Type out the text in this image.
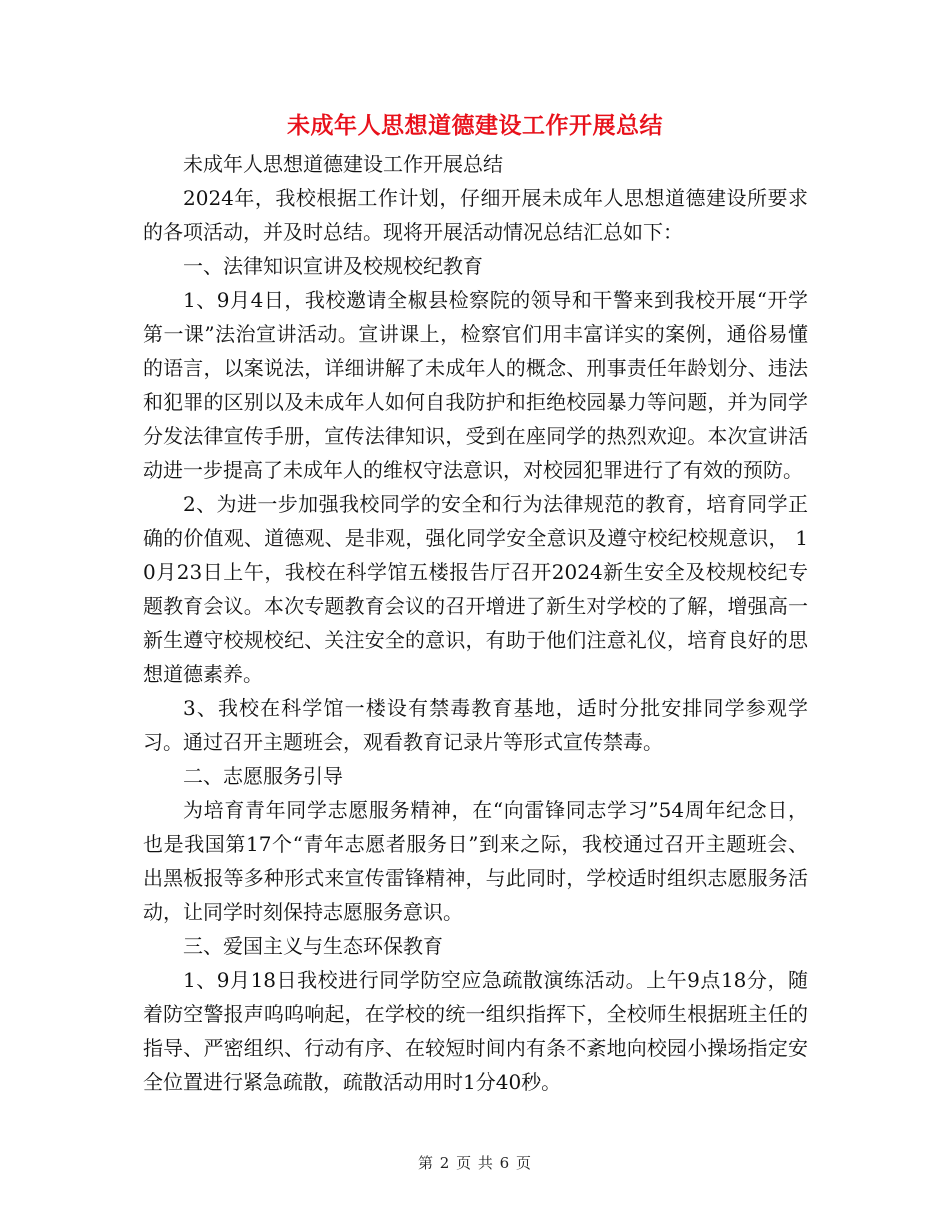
未成年人思想道德建设工作开展总结

未成年人思想道德建设工作开展总结

2024年，我校根据工作计划，仔细开展未成年人思想道德建设所要求的各项活动，并及时总结。现将开展活动情况总结汇总如下：

一、法律知识宣讲及校规校纪教育

1、9月4日，我校邀请全椒县检察院的领导和干警来到我校开展“开学第一课”法治宣讲活动。宣讲课上，检察官们用丰富详实的案例，通俗易懂的语言，以案说法，详细讲解了未成年人的概念、刑事责任年龄划分、违法和犯罪的区别以及未成年人如何自我防护和拒绝校园暴力等问题，并为同学分发法律宣传手册，宣传法律知识，受到在座同学的热烈欢迎。本次宣讲活动进一步提高了未成年人的维权守法意识，对校园犯罪进行了有效的预防。

2、为进一步加强我校同学的安全和行为法律规范的教育，培育同学正确的价值观、道德观、是非观，强化同学安全意识及遵守校纪校规意识， 10月23日上午，我校在科学馆五楼报告厅召开2024新生安全及校规校纪专题教育会议。本次专题教育会议的召开增进了新生对学校的了解，增强高一新生遵守校规校纪、关注安全的意识，有助于他们注意礼仪，培育良好的思想道德素养。

3、我校在科学馆一楼设有禁毒教育基地，适时分批安排同学参观学习。通过召开主题班会，观看教育记录片等形式宣传禁毒。

二、志愿服务引导

为培育青年同学志愿服务精神，在“向雷锋同志学习”54周年纪念日，也是我国第17个“青年志愿者服务日”到来之际，我校通过召开主题班会、出黑板报等多种形式来宣传雷锋精神，与此同时，学校适时组织志愿服务活动，让同学时刻保持志愿服务意识。

三、爱国主义与生态环保教育

1、9月18日我校进行同学防空应急疏散演练活动。上午9点18分，随着防空警报声呜呜响起，在学校的统一组织指挥下，全校师生根据班主任的指导、严密组织、行动有序、在较短时间内有条不紊地向校园小操场指定安全位置进行紧急疏散，疏散活动用时1分40秒。

第 2 页 共 6 页
